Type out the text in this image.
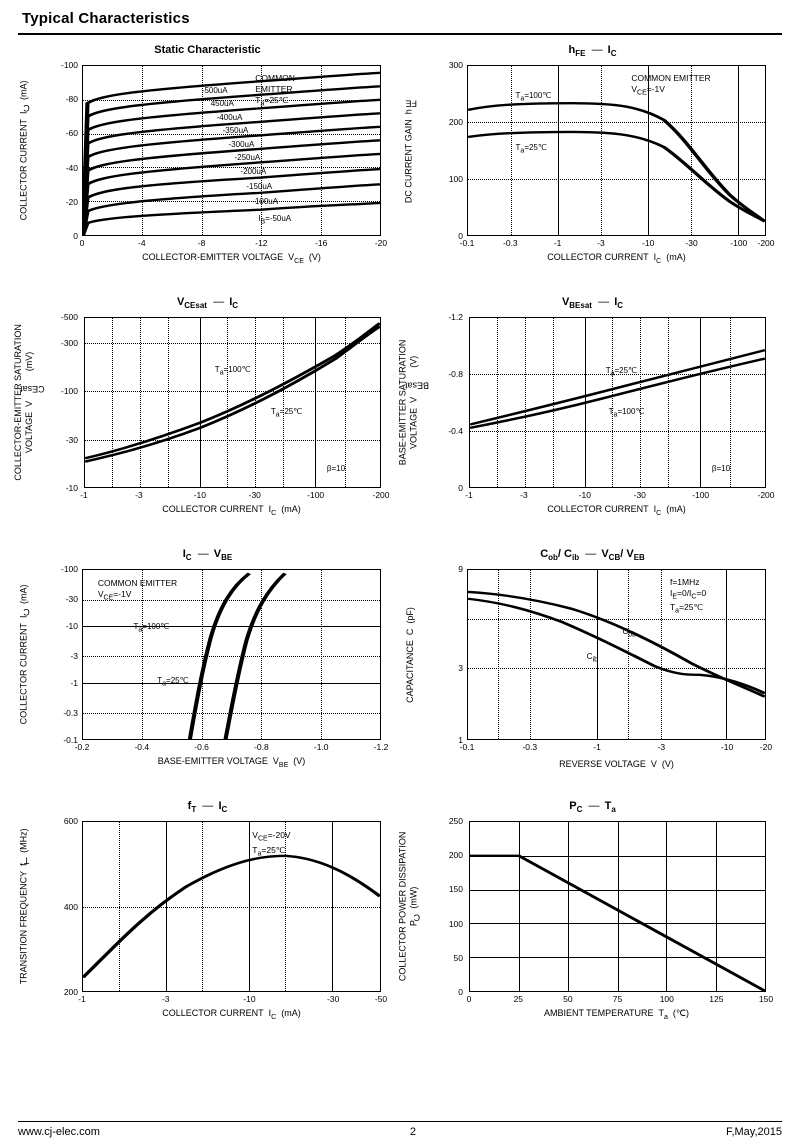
Typical Characteristics
Static Characteristic
COLLECTOR CURRENT  IC  (mA)
0
-20
-40
-60
-80
-100
COMMON
EMITTER
$T_a=25℃$
-500uA
450uA
-400uA
-350uA
-300uA
-250uA
-200uA
-150uA
-100uA
IB=-50uA
0	-4	-8	-12	-16	-20
COLLECTOR-EMITTER VOLTAGE  $V_{CE}$  (V)
$h_{FE}$ —  $I_C$
DC CURRENT GAIN  hFE
0
100
200
300
COMMON EMITTER
$V_{CE}=-1V$
Ta=100℃
Ta=25℃
-0.1	-0.3	-1	-3	-10	-30	-100 -200
COLLECTOR CURRENT  $I_C$  (mA)
$V_{CEsat}$ —  $I_C$
COLLECTOR-EMITTER SATURATION
VOLTAGE  VCEsat  (mV)
-10
-30
-100
-300
-500
Ta=100℃
Ta=25℃
β=10
-1	-3	-10	-30	-100	-200
COLLECTOR CURRENT  $I_C$  (mA)
$V_{BEsat}$ —  $I_C$
BASE-EMITTER SATURATION
VOLTAGE  VBEsat  (V)
0
-0.4
-0.8
-1.2
Ta=25℃
Ta=100℃
β=10
-1	-3	-10	-30	-100	-200
COLLECTOR CURRENT  $I_C$  (mA)
$I_C$ —  $V_{BE}$
COLLECTOR CURRENT  IC  (mA)
-0.1
-0.3
-1
-3
-10
-30
-100
COMMON EMITTER
$V_{CE}=-1V$
Ta=100℃
Ta=25℃
-0.2	-0.4	-0.6	-0.8	-1.0	-1.2
BASE-EMITTER VOLTAGE  $V_{BE}$  (V)
$C_{ob}/$ $C_{ib}$ —  $V_{CB}/$ $V_{EB}$
CAPACITANCE  C  (pF)
1
3
9
f=1MHz
$I_E=0/I_C=0$
$T_a=25℃$
Cob
Cib
-0.1	-0.3	-1	-3	-10	-20
REVERSE VOLTAGE  V  (V)
$f_T$ —  $I_C$
TRANSITION FREQUENCY  fT  (MHz)
200
400
600
$V_{CE}=-20V$
$T_a=25℃$
-1	-3	-10	-30	-50
COLLECTOR CURRENT  $I_C$  (mA)
$P_C$ —  $T_a$
COLLECTOR POWER DISSIPATION
PC  (mW)
0
50
100
150
200
250
0	25	50	75	100	125	150
AMBIENT TEMPERATURE  $T_a$  (℃)
www.cj-elec.com	2	F,May,2015
